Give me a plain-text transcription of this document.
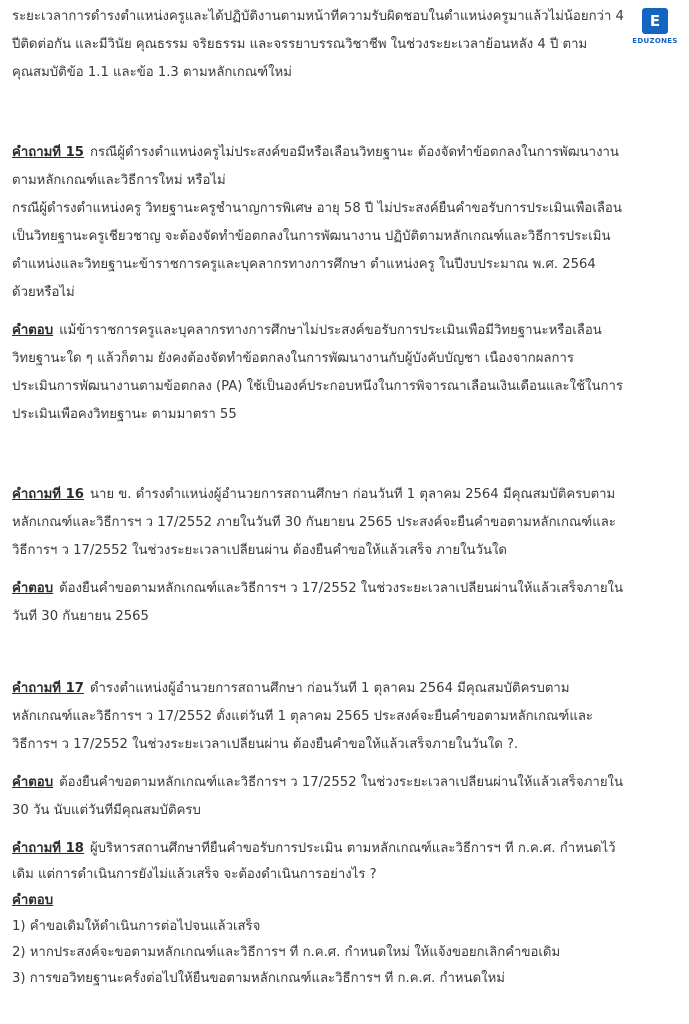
E
EDUZONES
ระยะเวลาการดำรงตำแหน่งครูและได้ปฏิบัติงานตามหน้าที่ความรับผิดชอบในตำแหน่งครูมาแล้วไม่น้อยกว่า 4
ปีติดต่อกัน และมีวินัย คุณธรรม จริยธรรม และจรรยาบรรณวิชาชีพ ในช่วงระยะเวลาย้อนหลัง 4 ปี ตาม
คุณสมบัติข้อ 1.1 และข้อ 1.3 ตามหลักเกณฑ์ใหม่
คำถามที่ 15 กรณีผู้ดำรงตำแหน่งครูไม่ประสงค์ขอมีหรือเลื่อนวิทยฐานะ ต้องจัดทำข้อตกลงในการพัฒนางาน
ตามหลักเกณฑ์และวิธีการใหม่ หรือไม่
กรณีผู้ดำรงตำแหน่งครู วิทยฐานะครูชำนาญการพิเศษ อายุ 58 ปี ไม่ประสงค์ยื่นคำขอรับการประเมินเพื่อเลื่อน
เป็นวิทยฐานะครูเชี่ยวชาญ จะต้องจัดทำข้อตกลงในการพัฒนางาน ปฏิบัติตามหลักเกณฑ์และวิธีการประเมิน
ตำแหน่งและวิทยฐานะข้าราชการครูและบุคลากรทางการศึกษา ตำแหน่งครู ในปีงบประมาณ พ.ศ. 2564
ด้วยหรือไม่
คำตอบ แม้ข้าราชการครูและบุคลากรทางการศึกษาไม่ประสงค์ขอรับการประเมินเพื่อมีวิทยฐานะหรือเลื่อน
วิทยฐานะใด ๆ แล้วก็ตาม ยังคงต้องจัดทำข้อตกลงในการพัฒนางานกับผู้บังคับบัญชา เนื่องจากผลการ
ประเมินการพัฒนางานตามข้อตกลง (PA) ใช้เป็นองค์ประกอบหนึ่งในการพิจารณาเลื่อนเงินเดือนและใช้ในการ
ประเมินเพื่อคงวิทยฐานะ ตามมาตรา 55
คำถามที่ 16 นาย ข. ดำรงตำแหน่งผู้อำนวยการสถานศึกษา ก่อนวันที่ 1 ตุลาคม 2564 มีคุณสมบัติครบตาม
หลักเกณฑ์และวิธีการฯ ว 17/2552 ภายในวันที่ 30 กันยายน 2565 ประสงค์จะยื่นคำขอตามหลักเกณฑ์และ
วิธีการฯ ว 17/2552 ในช่วงระยะเวลาเปลี่ยนผ่าน ต้องยื่นคำขอให้แล้วเสร็จ ภายในวันใด
คำตอบ ต้องยื่นคำขอตามหลักเกณฑ์และวิธีการฯ ว 17/2552 ในช่วงระยะเวลาเปลี่ยนผ่านให้แล้วเสร็จภายใน
วันที่ 30 กันยายน 2565
คำถามที่ 17 ดำรงตำแหน่งผู้อำนวยการสถานศึกษา ก่อนวันที่ 1 ตุลาคม 2564 มีคุณสมบัติครบตาม
หลักเกณฑ์และวิธีการฯ ว 17/2552 ตั้งแต่วันที่ 1 ตุลาคม 2565 ประสงค์จะยื่นคำขอตามหลักเกณฑ์และ
วิธีการฯ ว 17/2552 ในช่วงระยะเวลาเปลี่ยนผ่าน ต้องยื่นคำขอให้แล้วเสร็จภายในวันใด ?.
คำตอบ ต้องยื่นคำขอตามหลักเกณฑ์และวิธีการฯ ว 17/2552 ในช่วงระยะเวลาเปลี่ยนผ่านให้แล้วเสร็จภายใน
30 วัน นับแต่วันที่มีคุณสมบัติครบ
คำถามที่ 18 ผู้บริหารสถานศึกษาที่ยื่นคำขอรับการประเมิน ตามหลักเกณฑ์และวิธีการฯ ที่ ก.ค.ศ. กำหนดไว้
เดิม แต่การดำเนินการยังไม่แล้วเสร็จ จะต้องดำเนินการอย่างไร ?
คำตอบ
1) คำขอเดิมให้ดำเนินการต่อไปจนแล้วเสร็จ
2) หากประสงค์จะขอตามหลักเกณฑ์และวิธีการฯ ที่ ก.ค.ศ. กำหนดใหม่ ให้แจ้งขอยกเลิกคำขอเดิม
3) การขอวิทยฐานะครั้งต่อไปให้ยื่นขอตามหลักเกณฑ์และวิธีการฯ ที่ ก.ค.ศ. กำหนดใหม่
